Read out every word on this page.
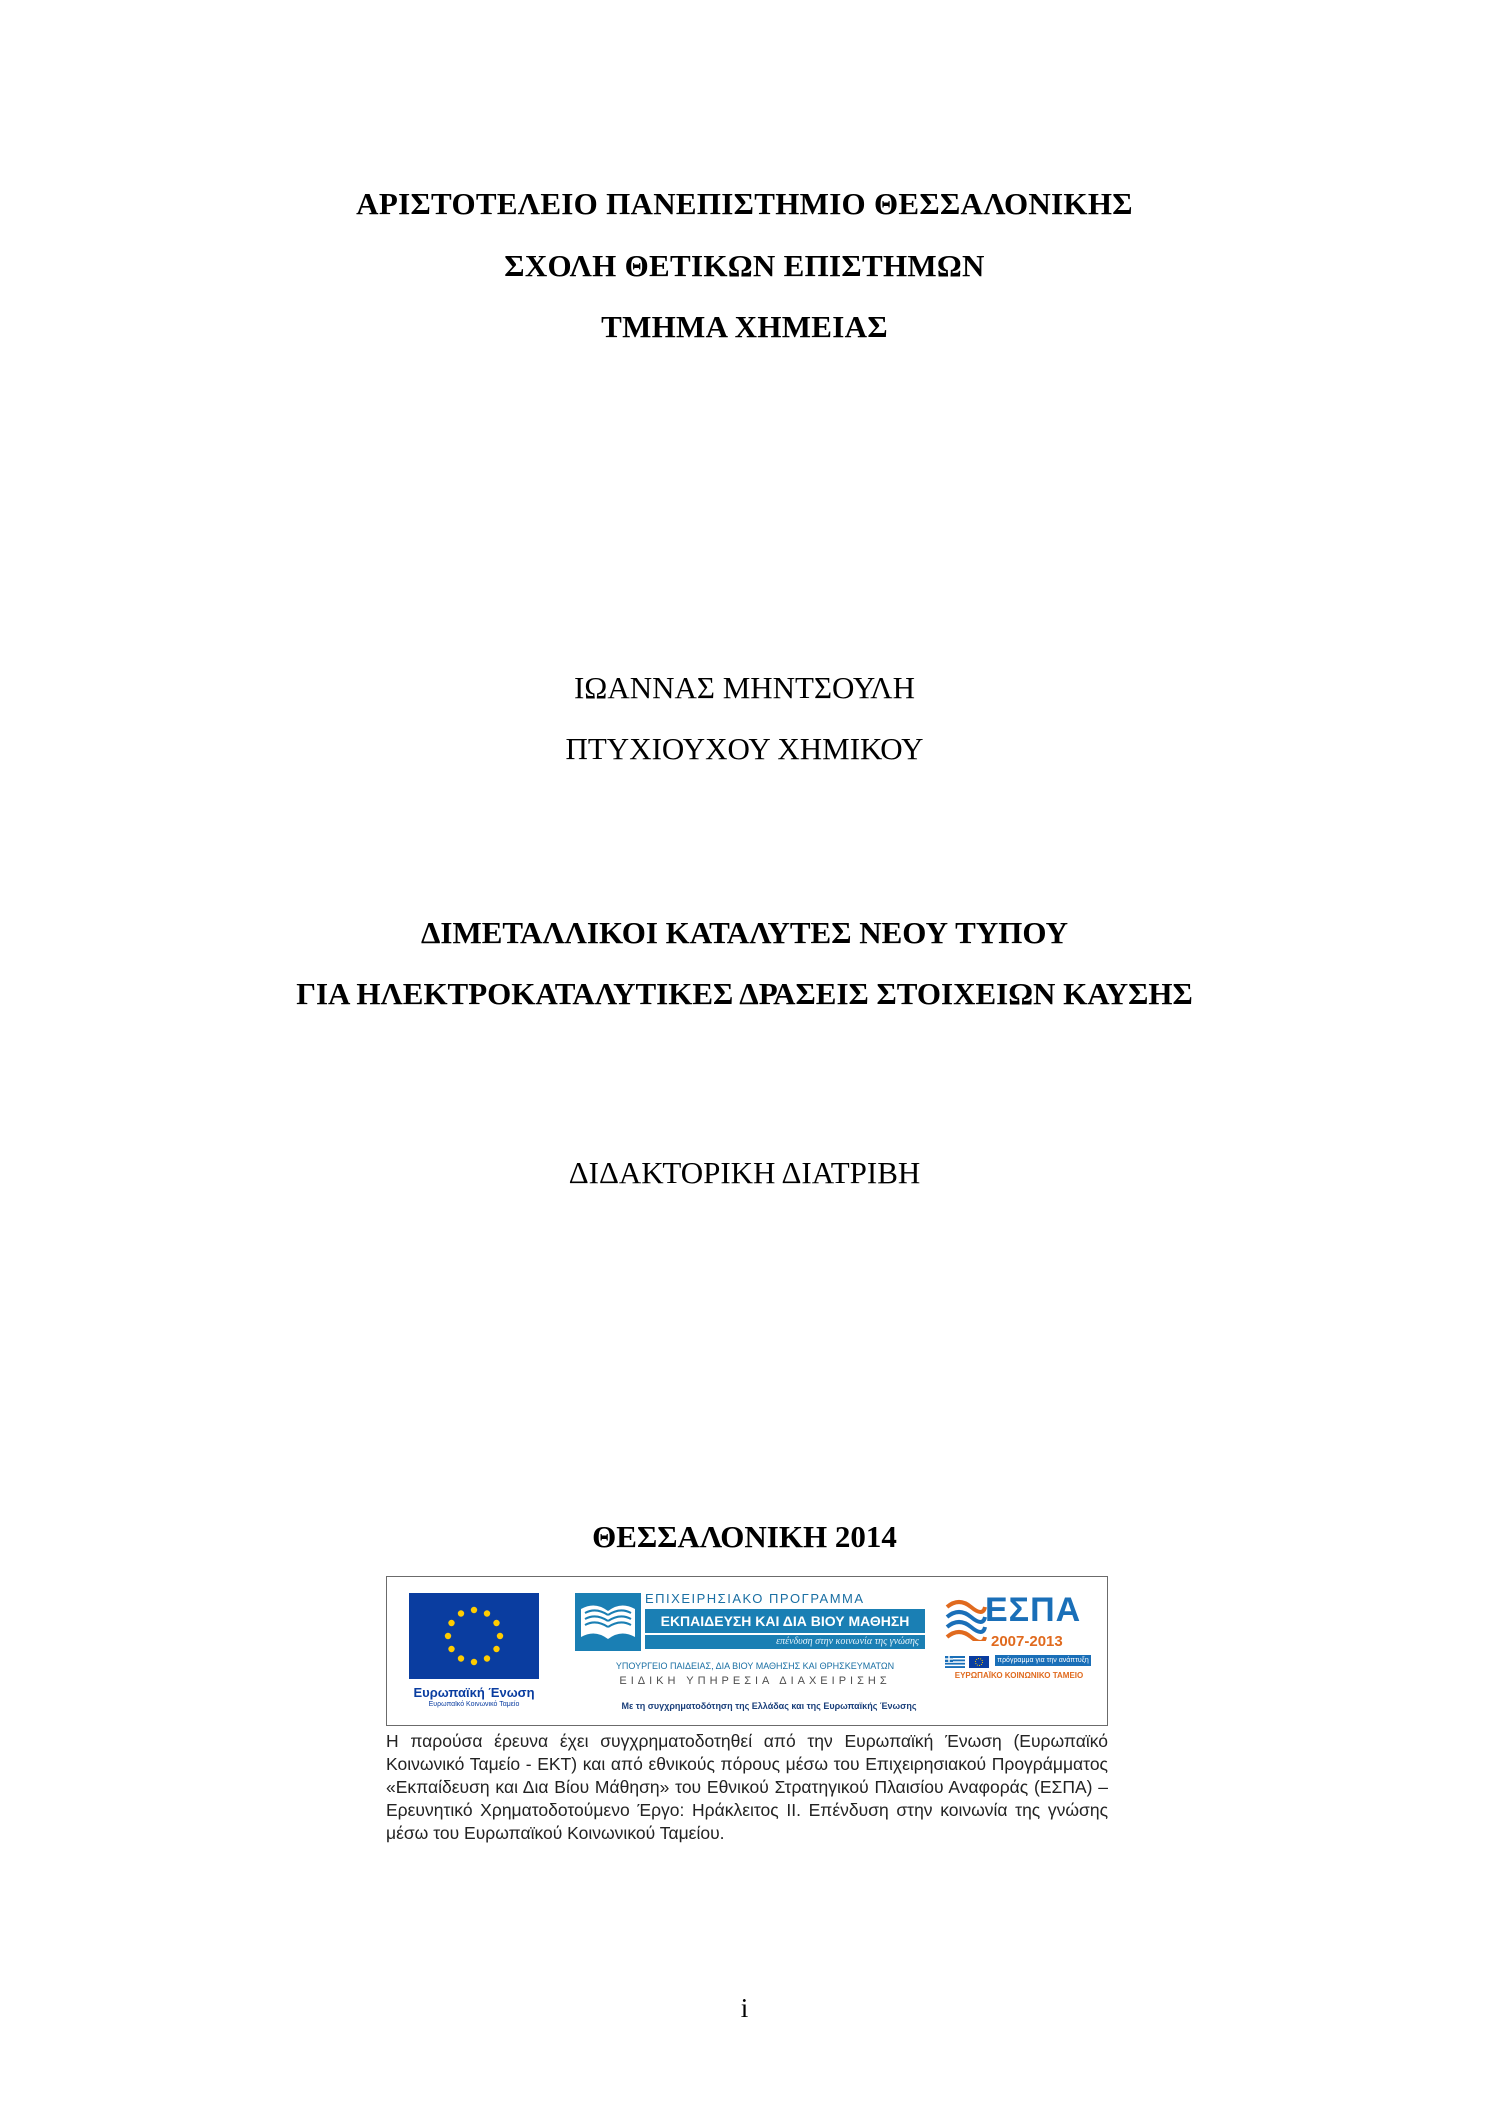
ΑΡΙΣΤΟΤΕΛΕΙΟ ΠΑΝΕΠΙΣΤΗΜΙΟ ΘΕΣΣΑΛΟΝΙΚΗΣ
ΣΧΟΛΗ ΘΕΤΙΚΩΝ ΕΠΙΣΤΗΜΩΝ
ΤΜΗΜΑ ΧΗΜΕΙΑΣ
ΙΩΑΝΝΑΣ ΜΗΝΤΣΟΥΛΗ
ΠΤΥΧΙΟΥΧΟΥ ΧΗΜΙΚΟΥ
ΔΙΜΕΤΑΛΛΙΚΟΙ ΚΑΤΑΛΥΤΕΣ ΝΕΟΥ ΤΥΠΟΥ
ΓΙΑ ΗΛΕΚΤΡΟΚΑΤΑΛΥΤΙΚΕΣ ΔΡΑΣΕΙΣ ΣΤΟΙΧΕΙΩΝ ΚΑΥΣΗΣ
ΔΙΔΑΚΤΟΡΙΚΗ ΔΙΑΤΡΙΒΗ
ΘΕΣΣΑΛΟΝΙΚΗ 2014
Ευρωπαϊκή Ένωση
Ευρωπαϊκό Κοινωνικό Ταμείο
ΕΠΙΧΕΙΡΗΣΙΑΚΟ ΠΡΟΓΡΑΜΜΑ
ΕΚΠΑΙΔΕΥΣΗ ΚΑΙ ΔΙΑ ΒΙΟΥ ΜΑΘΗΣΗ
επένδυση στην κοινωνία της γνώσης
ΥΠΟΥΡΓΕΙΟ ΠΑΙΔΕΙΑΣ, ΔΙΑ ΒΙΟΥ ΜΑΘΗΣΗΣ ΚΑΙ ΘΡΗΣΚΕΥΜΑΤΩΝ
ΕΙΔΙΚΗ ΥΠΗΡΕΣΙΑ ΔΙΑΧΕΙΡΙΣΗΣ
ΕΣΠΑ
2007-2013
πρόγραμμα για την ανάπτυξη
ΕΥΡΩΠΑΪΚΟ ΚΟΙΝΩΝΙΚΟ ΤΑΜΕΙΟ
Με τη συγχρηματοδότηση της Ελλάδας και της Ευρωπαϊκής Ένωσης
Η παρούσα έρευνα έχει συγχρηματοδοτηθεί από την Ευρωπαϊκή Ένωση (Ευρωπαϊκό Κοινωνικό Ταμείο - ΕΚΤ) και από εθνικούς πόρους μέσω του Επιχειρησιακού Προγράμματος «Εκπαίδευση και Δια Βίου Μάθηση» του Εθνικού Στρατηγικού Πλαισίου Αναφοράς (ΕΣΠΑ) – Ερευνητικό Χρηματοδοτούμενο Έργο: Ηράκλειτος ΙΙ. Επένδυση στην κοινωνία της γνώσης μέσω του Ευρωπαϊκού Κοινωνικού Ταμείου.
i
